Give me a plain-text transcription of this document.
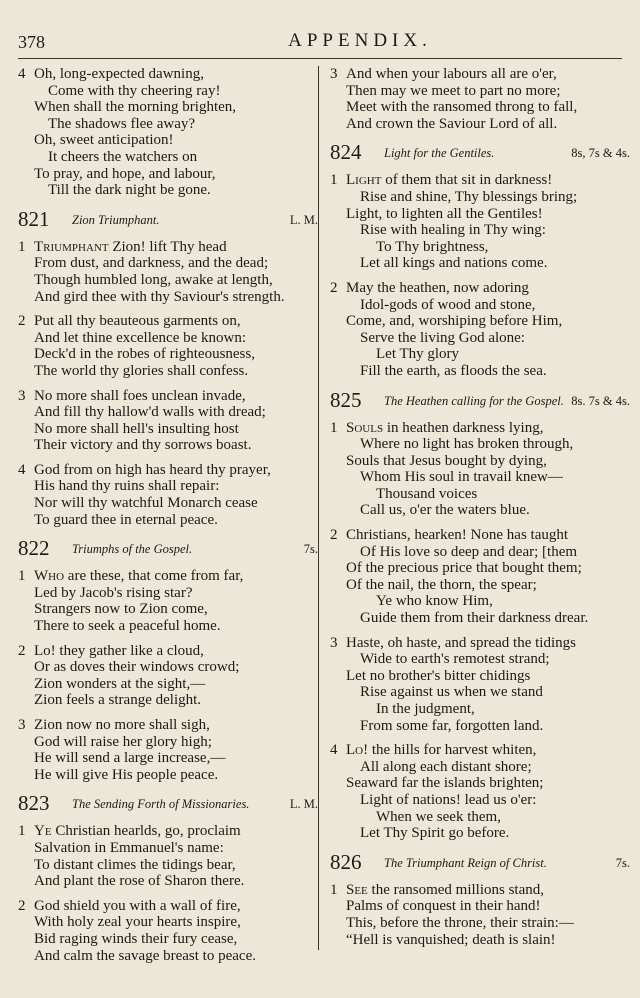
378	APPENDIX.
4 Oh, long-expected dawning,
Come with thy cheering ray!
When shall the morning brighten,
The shadows flee away?
Oh, sweet anticipation!
It cheers the watchers on
To pray, and hope, and labour,
Till the dark night be gone.
821 Zion Triumphant.	L. M.
1 Triumphant Zion! lift Thy head
From dust, and darkness, and the dead;
Though humbled long, awake at length,
And gird thee with thy Saviour's strength.
2 Put all thy beauteous garments on,
And let thine excellence be known:
Deck'd in the robes of righteousness,
The world thy glories shall confess.
3 No more shall foes unclean invade,
And fill thy hallow'd walls with dread;
No more shall hell's insulting host
Their victory and thy sorrows boast.
4 God from on high has heard thy prayer,
His hand thy ruins shall repair:
Nor will thy watchful Monarch cease
To guard thee in eternal peace.
822 Triumphs of the Gospel.	7s.
1 Who are these, that come from far,
Led by Jacob's rising star?
Strangers now to Zion come,
There to seek a peaceful home.
2 Lo! they gather like a cloud,
Or as doves their windows crowd;
Zion wonders at the sight,—
Zion feels a strange delight.
3 Zion now no more shall sigh,
God will raise her glory high;
He will send a large increase,—
He will give His people peace.
823 The Sending Forth of Missionaries.	L. M.
1 Ye Christian hearlds, go, proclaim
Salvation in Emmanuel's name:
To distant climes the tidings bear,
And plant the rose of Sharon there.
2 God shield you with a wall of fire,
With holy zeal your hearts inspire,
Bid raging winds their fury cease,
And calm the savage breast to peace.
3 And when your labours all are o'er,
Then may we meet to part no more;
Meet with the ransomed throng to fall,
And crown the Saviour Lord of all.
824 Light for the Gentiles.	8s, 7s & 4s.
1 Light of them that sit in darkness!
Rise and shine, Thy blessings bring;
Light, to lighten all the Gentiles!
Rise with healing in Thy wing:
To Thy brightness,
Let all kings and nations come.
2 May the heathen, now adoring
Idol-gods of wood and stone,
Come, and, worshiping before Him,
Serve the living God alone:
Let Thy glory
Fill the earth, as floods the sea.
825 The Heathen calling for the Gospel. 8s. 7s & 4s.
1 Souls in heathen darkness lying,
Where no light has broken through,
Souls that Jesus bought by dying,
Whom His soul in travail knew—
Thousand voices
Call us, o'er the waters blue.
2 Christians, hearken! None has taught
Of His love so deep and dear; [them
Of the precious price that bought them;
Of the nail, the thorn, the spear;
Ye who know Him,
Guide them from their darkness drear.
3 Haste, oh haste, and spread the tidings
Wide to earth's remotest strand;
Let no brother's bitter chidings
Rise against us when we stand
In the judgment,
From some far, forgotten land.
4 Lo! the hills for harvest whiten,
All along each distant shore;
Seaward far the islands brighten;
Light of nations! lead us o'er:
When we seek them,
Let Thy Spirit go before.
826 The Triumphant Reign of Christ.	7s.
1 See the ransomed millions stand,
Palms of conquest in their hand!
This, before the throne, their strain:—
“Hell is vanquished; death is slain!
